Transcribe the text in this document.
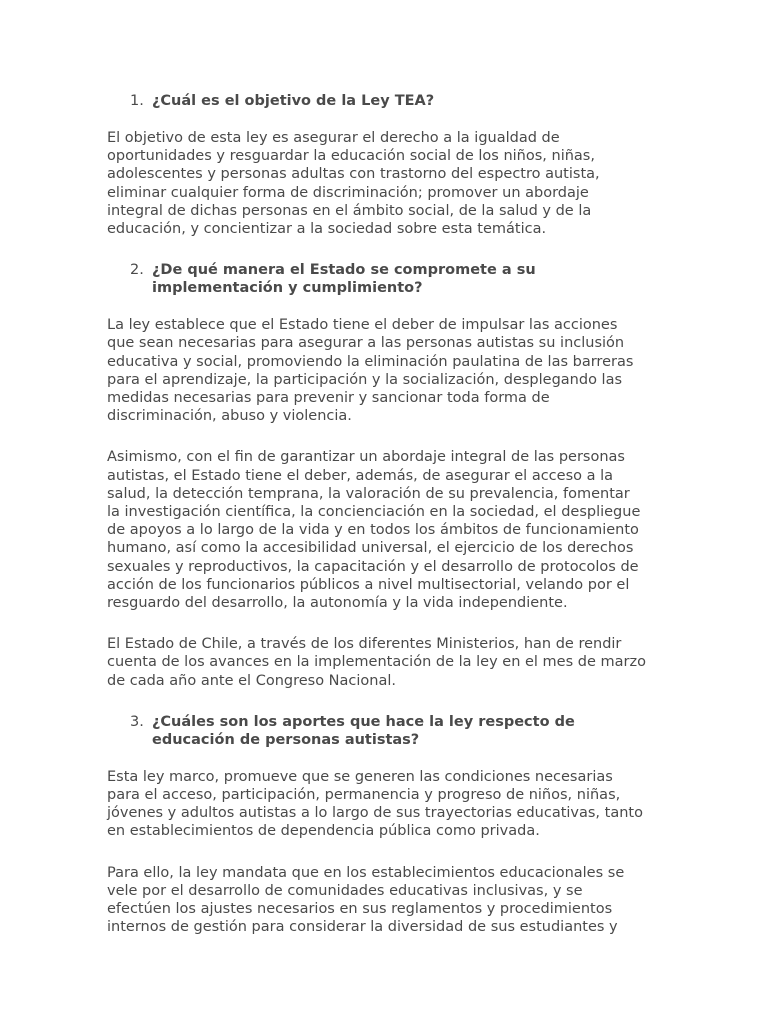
1. ¿Cuál es el objetivo de la Ley TEA?

El objetivo de esta ley es asegurar el derecho a la igualdad de oportunidades y resguardar la educación social de los niños, niñas, adolescentes y personas adultas con trastorno del espectro autista, eliminar cualquier forma de discriminación; promover un abordaje integral de dichas personas en el ámbito social, de la salud y de la educación, y concientizar a la sociedad sobre esta temática.

2. ¿De qué manera el Estado se compromete a su implementación y cumplimiento?

La ley establece que el Estado tiene el deber de impulsar las acciones que sean necesarias para asegurar a las personas autistas su inclusión educativa y social, promoviendo la eliminación paulatina de las barreras para el aprendizaje, la participación y la socialización, desplegando las medidas necesarias para prevenir y sancionar toda forma de discriminación, abuso y violencia.

Asimismo, con el fin de garantizar un abordaje integral de las personas autistas, el Estado tiene el deber, además, de asegurar el acceso a la salud, la detección temprana, la valoración de su prevalencia, fomentar la investigación científica, la concienciación en la sociedad, el despliegue de apoyos a lo largo de la vida y en todos los ámbitos de funcionamiento humano, así como la accesibilidad universal, el ejercicio de los derechos sexuales y reproductivos, la capacitación y el desarrollo de protocolos de acción de los funcionarios públicos a nivel multisectorial, velando por el resguardo del desarrollo, la autonomía y la vida independiente.

El Estado de Chile, a través de los diferentes Ministerios, han de rendir cuenta de los avances en la implementación de la ley en el mes de marzo de cada año ante el Congreso Nacional.

3. ¿Cuáles son los aportes que hace la ley respecto de educación de personas autistas?

Esta ley marco, promueve que se generen las condiciones necesarias para el acceso, participación, permanencia y progreso de niños, niñas, jóvenes y adultos autistas a lo largo de sus trayectorias educativas, tanto en establecimientos de dependencia pública como privada.

Para ello, la ley mandata que en los establecimientos educacionales se vele por el desarrollo de comunidades educativas inclusivas, y se efectúen los ajustes necesarios en sus reglamentos y procedimientos internos de gestión para considerar la diversidad de sus estudiantes y
